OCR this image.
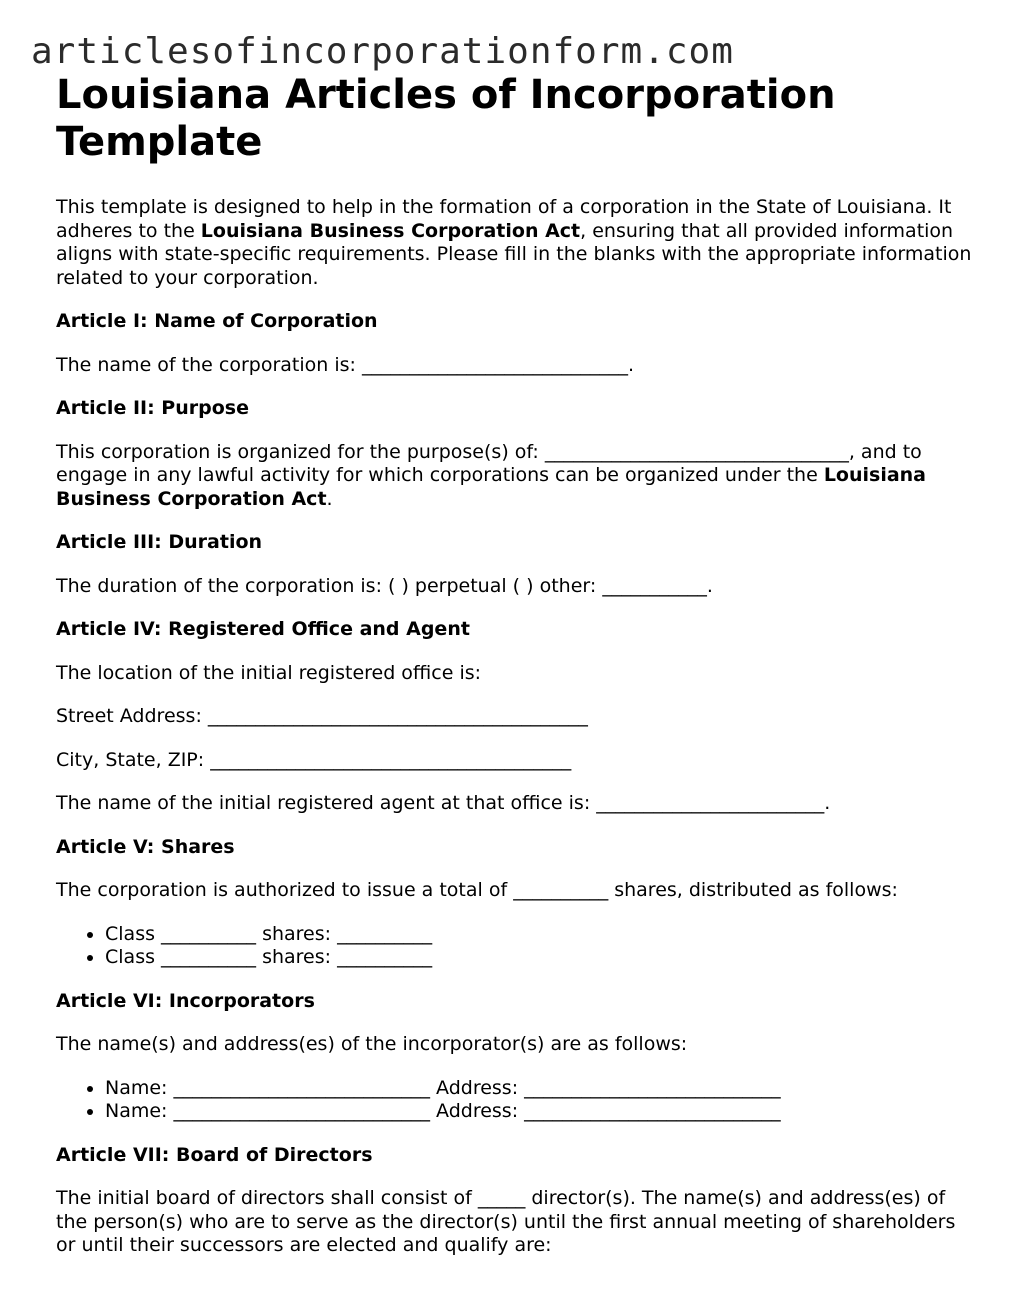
articlesofincorporationform.com
Louisiana Articles of Incorporation Template

This template is designed to help in the formation of a corporation in the State of Louisiana. It adheres to the Louisiana Business Corporation Act, ensuring that all provided information aligns with state-specific requirements. Please fill in the blanks with the appropriate information related to your corporation.

Article I: Name of Corporation

The name of the corporation is: ____________________________.

Article II: Purpose

This corporation is organized for the purpose(s) of: ________________________________, and to engage in any lawful activity for which corporations can be organized under the Louisiana Business Corporation Act.

Article III: Duration

The duration of the corporation is: ( ) perpetual ( ) other: ___________.

Article IV: Registered Office and Agent

The location of the initial registered office is:

Street Address: ________________________________________

City, State, ZIP: ______________________________________

The name of the initial registered agent at that office is: ________________________.

Article V: Shares

The corporation is authorized to issue a total of __________ shares, distributed as follows:

• Class __________ shares: __________
• Class __________ shares: __________
Article VI: Incorporators

The name(s) and address(es) of the incorporator(s) are as follows:

• Name: ___________________________ Address: ___________________________
• Name: ___________________________ Address: ___________________________
Article VII: Board of Directors

The initial board of directors shall consist of _____ director(s). The name(s) and address(es) of the person(s) who are to serve as the director(s) until the first annual meeting of shareholders or until their successors are elected and qualify are:
